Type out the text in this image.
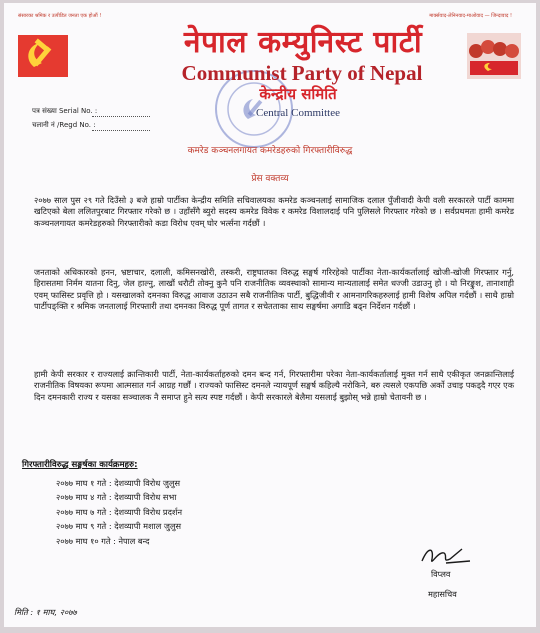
संसारका श्रमिक र उत्पीडित जनता एक होऔं !	मार्क्सवाद-लेनिनवाद-माओवाद — जिन्दावाद !
नेपाल कम्युनिस्ट पार्टी
Communist Party of Nepal
केन्द्रीय समिति
Central Committee
पत्र संख्या Serial No. :
चलानी नं /Regd No. :
कमरेड कञ्चनलगायत कमरेडहरुको गिरफ्तारीविरुद्ध
प्रेस वक्तव्य
२०७७ साल पुस २९ गते दिउँसो ३ बजे हाम्रो पार्टीका केन्द्रीय समिति सचिवालयका कमरेड कञ्चनलाई सामाजिक दलाल पुँजीवादी केपी वली सरकारले पार्टी काममा खटिएको बेला ललितपुरबाट गिरफ्तार गरेको छ । उहाँसँगै ब्युरो सदस्य कमरेड विवेक र कमरेड विशालदाई पनि पुलिसले गिरफ्तार गरेको छ । सर्वप्रथमतः हामी कमरेड कञ्चनलगायत कमरेडहरुको गिरफ्तारीको कडा विरोध एवम् घोर भर्त्सना गर्दछौं ।
जनताको अधिकारको हनन, भ्रष्टाचार, दलाली, कमिसनखोरी, तस्करी, राष्ट्रघातका विरुद्ध सङ्घर्ष गरिरहेको पार्टीका नेता-कार्यकर्तालाई खोजी-खोजी गिरफ्तार गर्नु, हिरासतमा निर्मम यातना दिनु, जेल हाल्नु, लाखौं धरौटी तोक्नु कुनै पनि राजनीतिक व्यवस्थाको सामान्य मान्यतालाई समेत धज्जी उडाउनु हो । यो निरङ्कुश, तानाशाही एवम् फासिस्ट प्रवृत्ति हो । यसखालको दमनका विरुद्ध आवाज उठाउन सबै राजनीतिक पार्टी, बुद्धिजीवी र आमनागरिकहरुलाई हामी विशेष अपिल गर्दछौं । साथै हाम्रो पार्टीपङ्क्ति र श्रमिक जनतालाई गिरफ्तारी तथा दमनका विरुद्ध पूर्ण तागत र सचेतताका साथ सङ्घर्षमा अगाडि बढ्न निर्देशन गर्दछौं ।
हामी केपी सरकार र राज्यलाई क्रान्तिकारी पार्टी, नेता-कार्यकर्ताहरुको दमन बन्द गर्न, गिरफ्तारीमा परेका नेता-कार्यकर्तालाई मुक्त गर्न साथै एकीकृत जनक्रान्तिलाई राजनीतिक विषयका रूपमा आत्मसात गर्न आग्रह गर्छौं । राज्यको फासिस्ट दमनले न्यायपूर्ण सङ्घर्ष कहिल्यै नरोकिने, बरु त्यसले एकपछि अर्को उचाइ पकड्दै गएर एक दिन दमनकारी राज्य र यसका सञ्चालक नै समाप्त हुने सत्य स्पष्ट गर्दछौं । केपी सरकारले बेलैमा यसलाई बुझोस् भन्ने हाम्रो चेतावनी छ ।
गिरफ्तारीविरुद्ध सङ्घर्षका कार्यक्रमहरु:
२०७७ माघ १ गते : देशव्यापी विरोध जुलुस
२०७७ माघ ४ गते : देशव्यापी विरोध सभा
२०७७ माघ ७ गते : देशव्यापी विरोध प्रदर्शन
२०७७ माघ ९ गते : देशव्यापी मशाल जुलुस
२०७७ माघ १० गते : नेपाल बन्द
विप्लव
महासचिव
मिति : १ माघ, २०७७
